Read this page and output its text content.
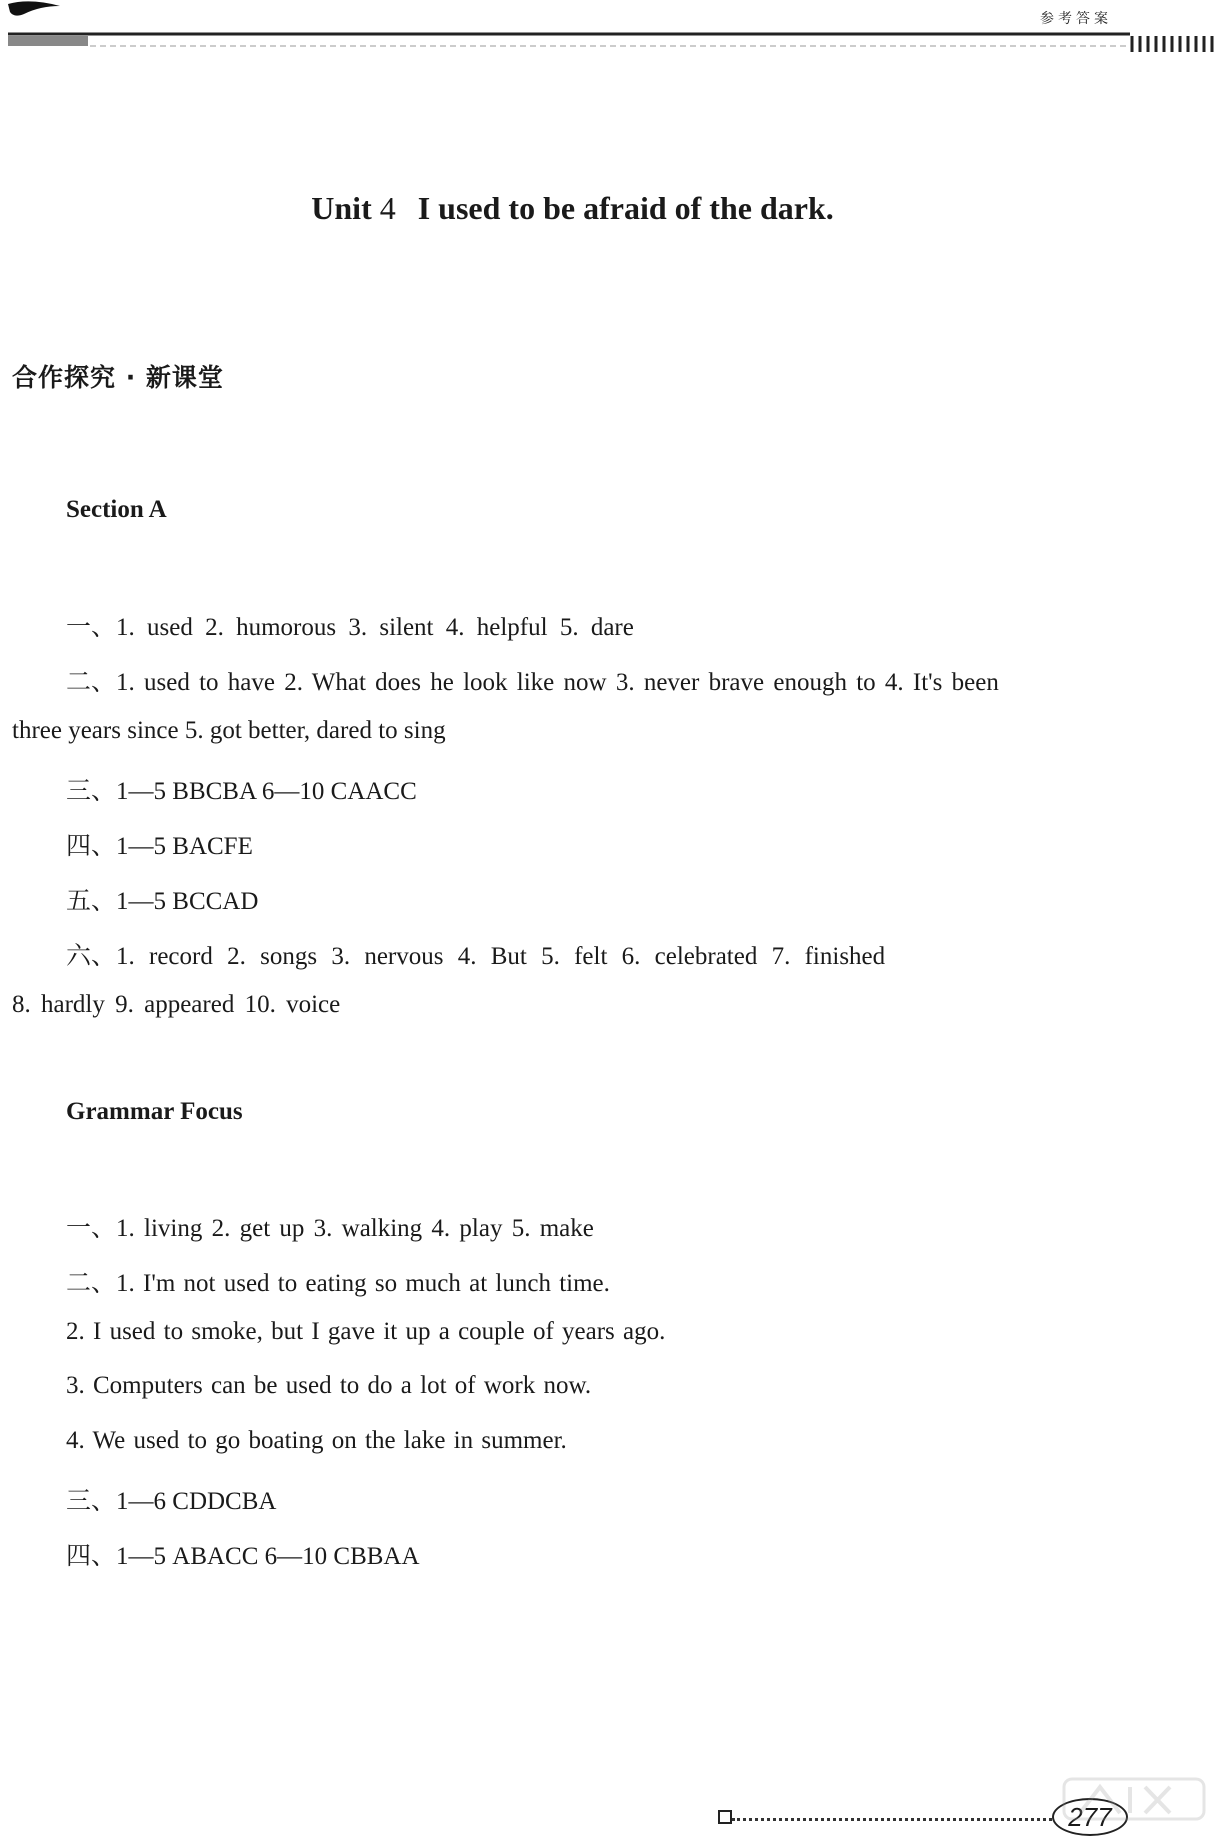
参考答案
Unit 4 I used to be afraid of the dark.
合作探究 · 新课堂
Section A
一、1. used 2. humorous 3. silent 4. helpful 5. dare
二、1. used to have 2. What does he look like now 3. never brave enough to 4. It's been
three years since 5. got better, dared to sing
三、1—5 BBCBA 6—10 CAACC
四、1—5 BACFE
五、1—5 BCCAD
六、1. record 2. songs 3. nervous 4. But 5. felt 6. celebrated 7. finished
8. hardly 9. appeared 10. voice
Grammar Focus
一、1. living 2. get up 3. walking 4. play 5. make
二、1. I'm not used to eating so much at lunch time.
2. I used to smoke, but I gave it up a couple of years ago.
3. Computers can be used to do a lot of work now.
4. We used to go boating on the lake in summer.
三、1—6 CDDCBA
四、1—5 ABACC 6—10 CBBAA
277
